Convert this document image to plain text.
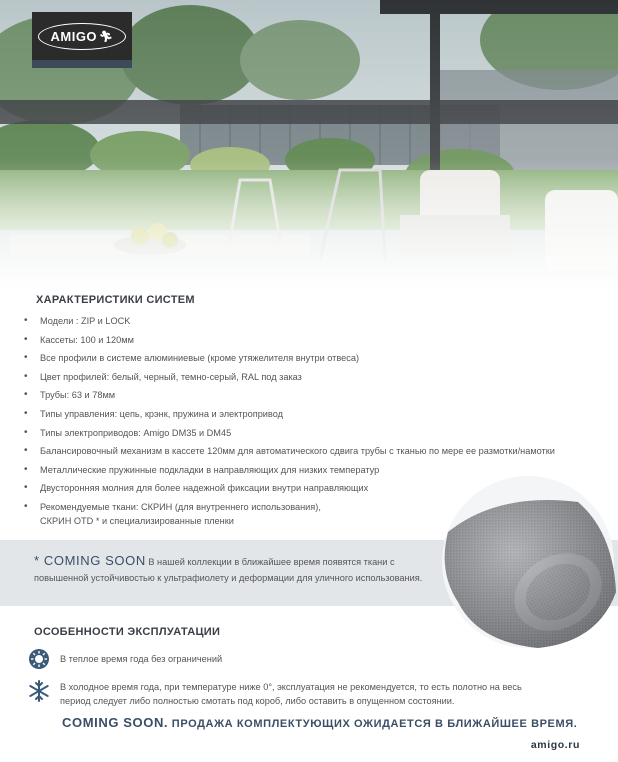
AMIGO 🏃︎
ХАРАКТЕРИСТИКИ СИСТЕМ
• Модели : ZIP и LOCK
• Кассеты: 100 и 120мм
• Все профили в системе алюминиевые (кроме утяжелителя внутри отвеса)
• Цвет профилей: белый, черный, темно-серый, RAL под заказ
• Трубы: 63 и 78мм
• Типы управления: цепь, крэнк, пружина и электропривод
• Типы электроприводов: Amigo DM35 и DM45
• Балансировочный механизм в кассете 120мм для автоматического сдвига трубы с тканью по мере ее размотки/намотки
• Металлические пружинные подкладки в направляющих для низких температур
• Двусторонняя молния для более надежной фиксации внутри направляющих
• Рекомендуемые ткани: СКРИН (для внутреннего использования),
СКРИН OTD * и специализированные пленки
* COMING SOON В нашей коллекции в ближайшее время появятся ткани с
повышенной устойчивостью к ультрафиолету и деформации для уличного использования.
ОСОБЕННОСТИ ЭКСПЛУАТАЦИИ
В теплое время года без ограничений
В холодное время года, при температуре ниже 0°, эксплуатация не рекомендуется, то есть полотно на весь
период следует либо полностью смотать под короб, либо оставить в опущенном состоянии.
COMING SOON. ПРОДАЖА КОМПЛЕКТУЮЩИХ ОЖИДАЕТСЯ В БЛИЖАЙШЕЕ ВРЕМЯ.
amigo.ru
